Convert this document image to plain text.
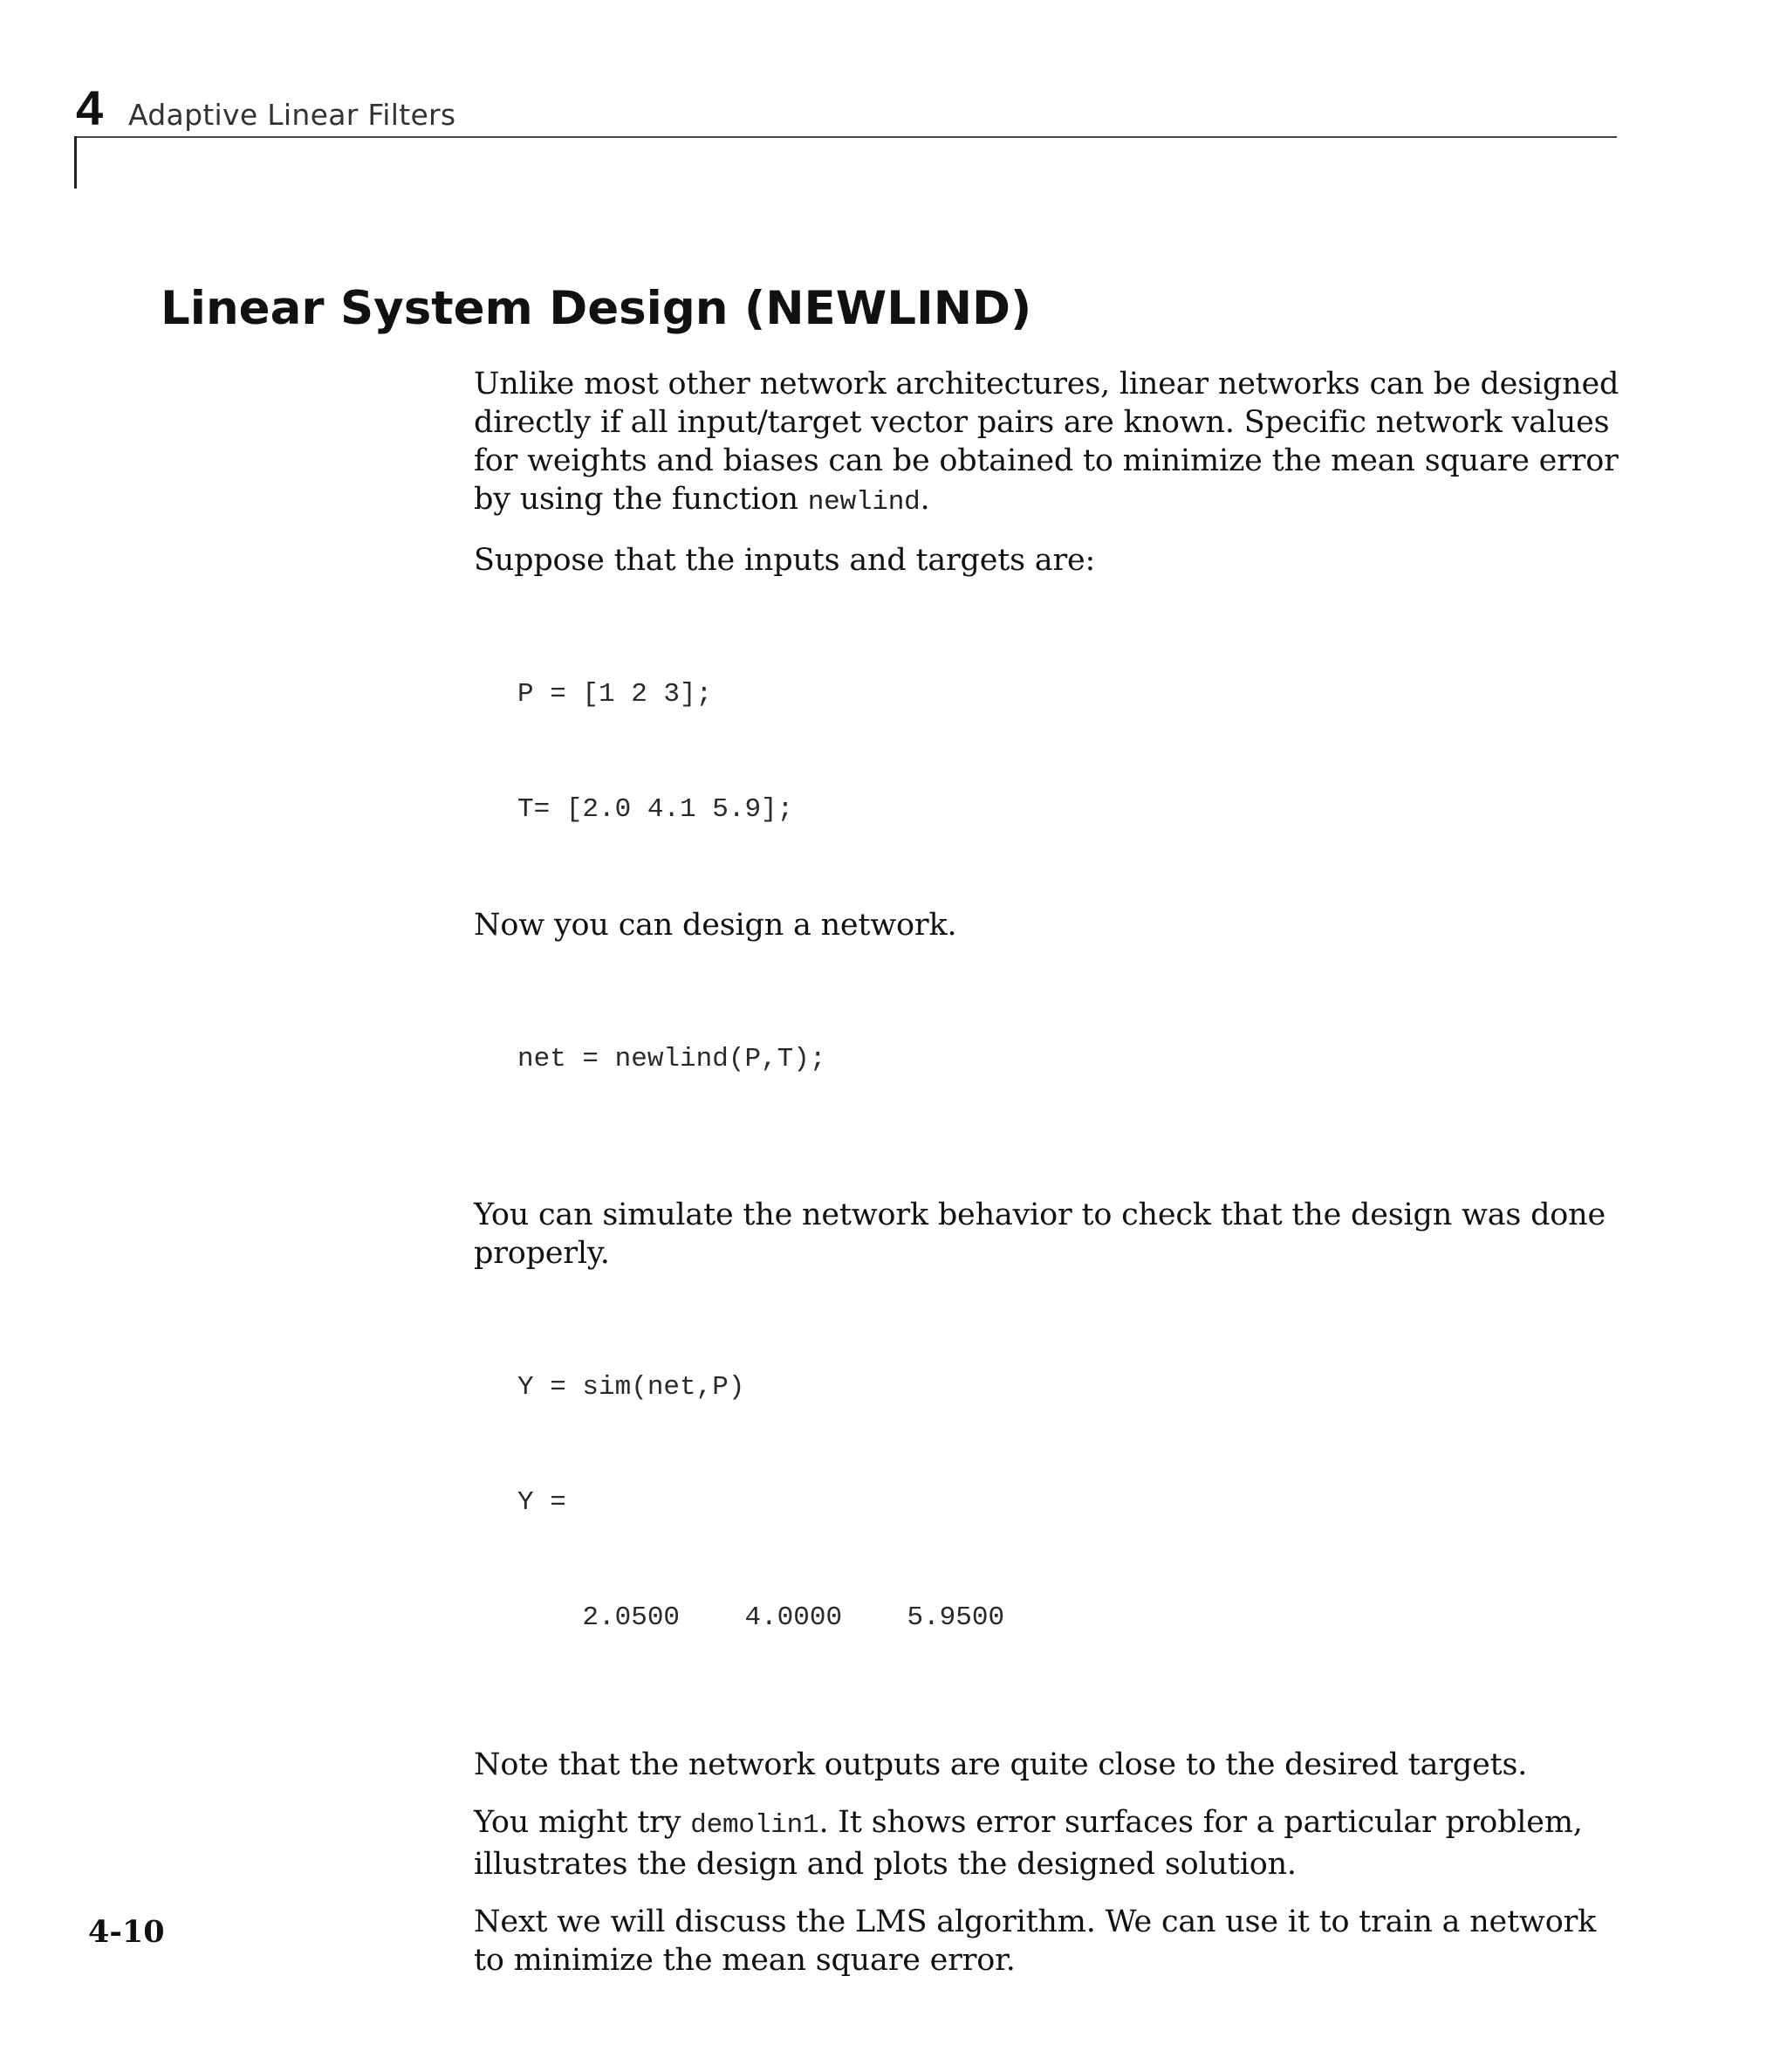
4 Adaptive Linear Filters
Linear System Design (NEWLIND)

Unlike most other network architectures, linear networks can be designed directly if all input/target vector pairs are known. Specific network values for weights and biases can be obtained to minimize the mean square error by using the function newlind.

Suppose that the inputs and targets are:

P = [1 2 3];

T= [2.0 4.1 5.9];

Now you can design a network.

net = newlind(P,T);

You can simulate the network behavior to check that the design was done properly.

Y = sim(net,P)

Y =

2.0500    4.0000    5.9500

Note that the network outputs are quite close to the desired targets.

You might try demolin1. It shows error surfaces for a particular problem, illustrates the design and plots the designed solution.

Next we will discuss the LMS algorithm. We can use it to train a network to minimize the mean square error.

4-10
